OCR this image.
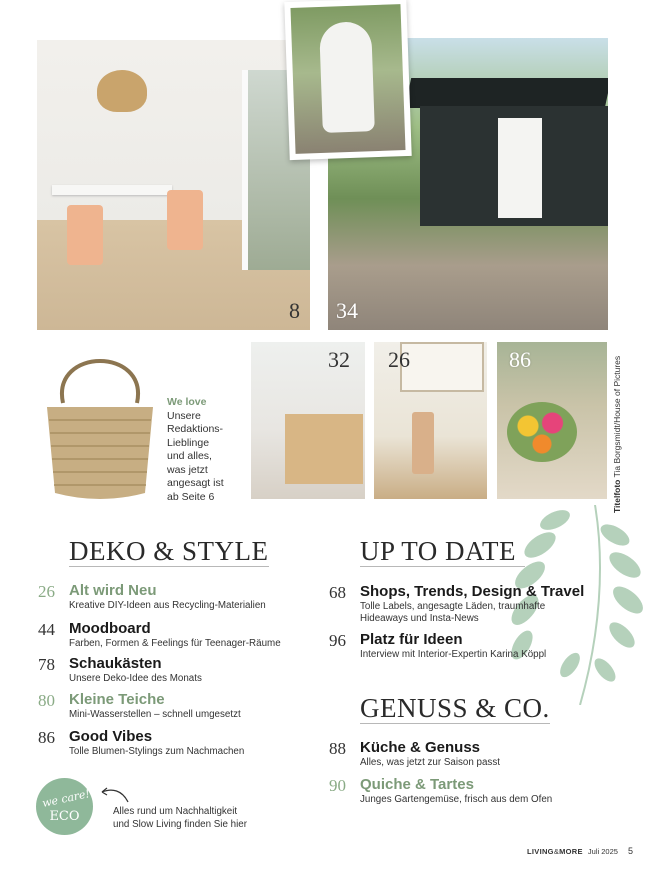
8 34
We love
Unsere
Redaktions-
Lieblinge
und alles,
was jetzt
angesagt ist
ab Seite 6
32 26	86
Titelfoto Tia Borgsmidt/House of Pictures
DEKO & STYLE
26 Alt wird Neu
Kreative DIY-Ideen aus Recycling-Materialien
44 Moodboard
Farben, Formen & Feelings für Teenager-Räume
78 Schaukästen
Unsere Deko-Idee des Monats
80 Kleine Teiche
Mini-Wasserstellen – schnell umgesetzt
86 Good Vibes
Tolle Blumen-Stylings zum Nachmachen
UP TO DATE
68 Shops, Trends, Design & Travel
Tolle Labels, angesagte Läden, traumhafte
Hideaways und Insta-News
96 Platz für Ideen
Interview mit Interior-Expertin Karina Köppl
GENUSS & CO.
88 Küche & Genuss
Alles, was jetzt zur Saison passt
90 Quiche & Tartes
Junges Gartengemüse, frisch aus dem Ofen
we care!
ECO	Alles rund um Nachhaltigkeit
und Slow Living finden Sie hier
LIVING&MORE Juli 2025 5
